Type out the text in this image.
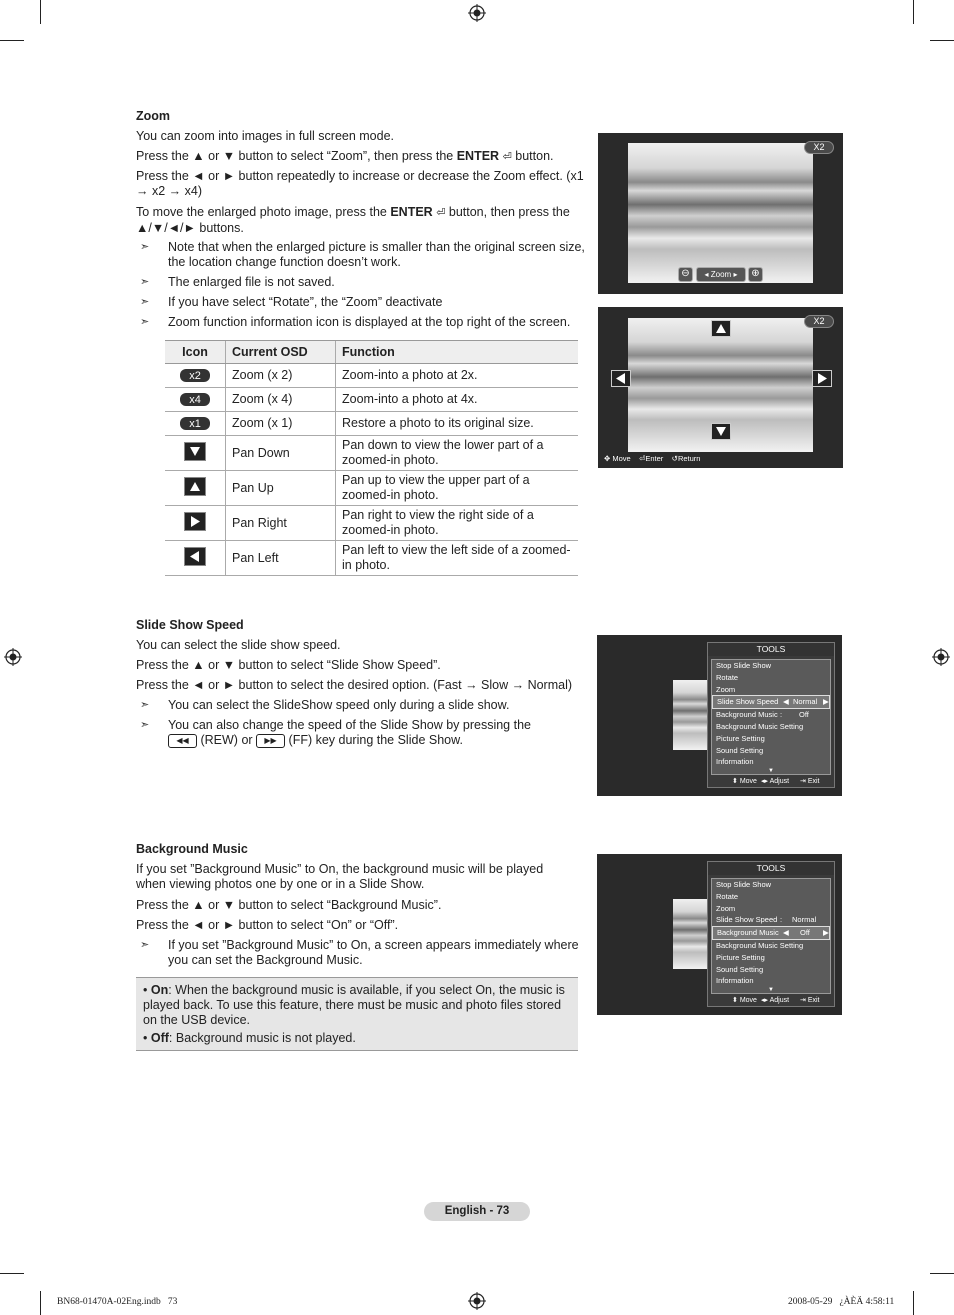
Zoom

You can zoom into images in full screen mode.

Press the ▲ or ▼ button to select “Zoom”, then press the ENTER ⏎ button.

Press the ◄ or ► button repeatedly to increase or decrease the Zoom effect. (x1 → x2 → x4)

To move the enlarged photo image, press the ENTER ⏎ button, then press the ▲/▼/◄/► buttons.

➣ Note that when the enlarged picture is smaller than the original screen size, the location change function doesn’t work.
➣ The enlarged file is not saved.
➣ If you have select “Rotate”, the “Zoom” deactivate
➣ Zoom function information icon is displayed at the top right of the screen.
Icon	Current OSD	Function
x2	Zoom (x 2)	Zoom-into a photo at 2x.
x4	Zoom (x 4)	Zoom-into a photo at 4x.
x1	Zoom (x 1)	Restore a photo to its original size.
	Pan Down	Pan down to view the lower part of a zoomed-in photo.
	Pan Up	Pan up to view the upper part of a zoomed-in photo.
	Pan Right	Pan right to view the right side of a zoomed-in photo.
	Pan Left	Pan left to view the left side of a zoomed-in photo.
X2
⊖	◂ Zoom ▸	⊕
X2
✥ Move ⏎Enter ↺Return
Slide Show Speed

You can select the slide show speed.

Press the ▲ or ▼ button to select “Slide Show Speed”.

Press the ◄ or ► button to select the desired option. (Fast → Slow → Normal)

➣ You can select the SlideShow speed only during a slide show.
➣ You can also change the speed of the Slide Show by pressing the
◀◀ (REW) or ▶▶ (FF) key during the Slide Show.
TOOLS
Stop Slide Show
Rotate
Zoom
Slide Show Speed ◀ Normal ▶
Background Music : Off
Background Music Setting
Picture Setting
Sound Setting
Information
▼
⬍ Move ◂▸ Adjust ⇥ Exit
Background Music

If you set ”Background Music” to On, the background music will be played when viewing photos one by one or in a Slide Show.

Press the ▲ or ▼ button to select “Background Music”.

Press the ◄ or ► button to select “On” or “Off”.

➣ If you set ”Background Music” to On, a screen appears immediately where you can set the Background Music.
• On: When the background music is available, if you select On, the music is played back. To use this feature, there must be music and photo files stored on the USB device.
• Off: Background music is not played.
TOOLS
Stop Slide Show
Rotate
Zoom
Slide Show Speed : Normal
Background Music ◀ Off ▶
Background Music Setting
Picture Setting
Sound Setting
Information
▼
⬍ Move ◂▸ Adjust ⇥ Exit
English - 73
BN68-01470A-02Eng.indb   73	2008-05-29   ¿ÀÈÄ 4:58:11
